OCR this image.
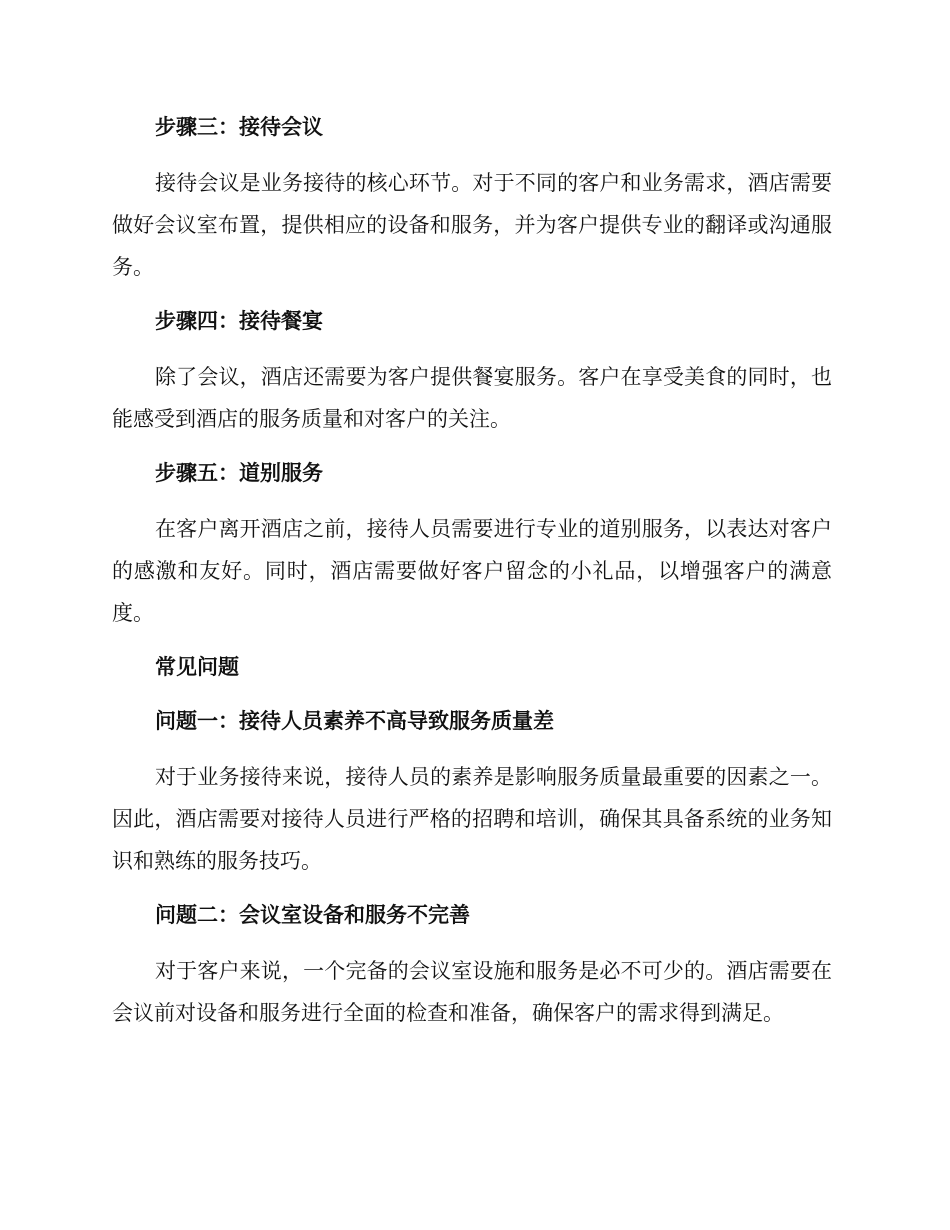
步骤三：接待会议

接待会议是业务接待的核心环节。对于不同的客户和业务需求，酒店需要做好会议室布置，提供相应的设备和服务，并为客户提供专业的翻译或沟通服务。

步骤四：接待餐宴

除了会议，酒店还需要为客户提供餐宴服务。客户在享受美食的同时，也能感受到酒店的服务质量和对客户的关注。

步骤五：道别服务

在客户离开酒店之前，接待人员需要进行专业的道别服务，以表达对客户的感激和友好。同时，酒店需要做好客户留念的小礼品，以增强客户的满意度。

常见问题
问题一：接待人员素养不高导致服务质量差

对于业务接待来说，接待人员的素养是影响服务质量最重要的因素之一。因此，酒店需要对接待人员进行严格的招聘和培训，确保其具备系统的业务知识和熟练的服务技巧。

问题二：会议室设备和服务不完善

对于客户来说，一个完备的会议室设施和服务是必不可少的。酒店需要在会议前对设备和服务进行全面的检查和准备，确保客户的需求得到满足。
